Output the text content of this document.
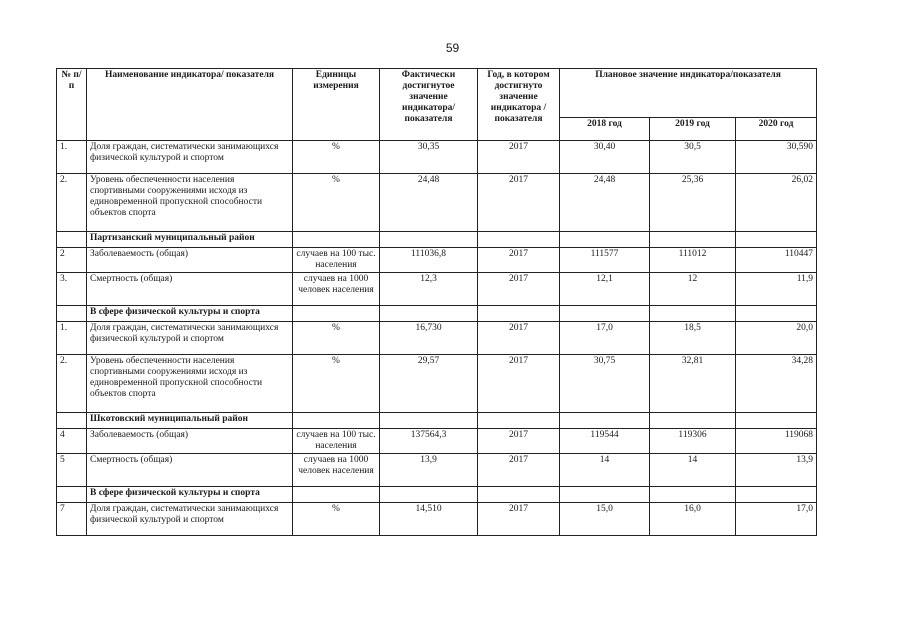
59
№ п/п	Наименование индикатора/ показателя	Единицы измерения	Фактически достигнутое значение индикатора/ показателя	Год, в котором достигнуто значение индикатора /показателя	Плановое значение индикатора/показателя		
					2018 год	2019 год	2020 год
1.	Доля граждан, систематически занимающихся физической культурой и спортом	%	30,35	2017	30,40	30,5	30,590
2.	Уровень обеспеченности населения спортивными сооружениями исходя из единовременной пропускной способности объектов спорта	%	24,48	2017	24,48	25,36	26,02
	Партизанский муниципальный район						
2	Заболеваемость (общая)	случаев на 100 тыс. населения	111036,8	2017	111577	111012	110447
3.	Смертность (общая)	случаев на 1000 человек населения	12,3	2017	12,1	12	11,9
	В сфере физической культуры и спорта						
1.	Доля граждан, систематически занимающихся физической культурой и спортом	%	16,730	2017	17,0	18,5	20,0
2.	Уровень обеспеченности населения спортивными сооружениями исходя из единовременной пропускной способности объектов спорта	%	29,57	2017	30,75	32,81	34,28
	Шкотовский муниципальный район						
4	Заболеваемость (общая)	случаев на 100 тыс. населения	137564,3	2017	119544	119306	119068
5	Смертность (общая)	случаев на 1000 человек населения	13,9	2017	14	14	13,9
	В сфере физической культуры и спорта						
7	Доля граждан, систематически занимающихся физической культурой и спортом	%	14,510	2017	15,0	16,0	17,0
